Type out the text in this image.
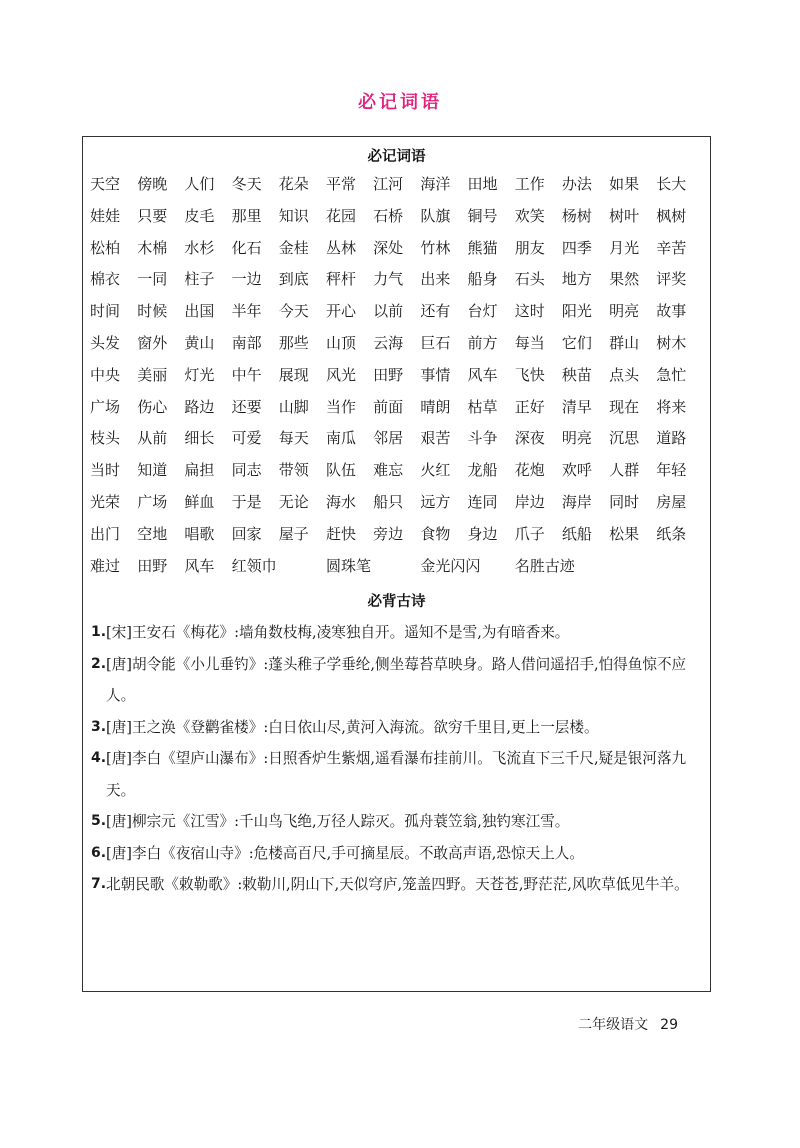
必记词语
必记词语
天空	傍晚	人们	冬天	花朵	平常	江河	海洋	田地	工作	办法	如果	长大
娃娃	只要	皮毛	那里	知识	花园	石桥	队旗	铜号	欢笑	杨树	树叶	枫树
松柏	木棉	水杉	化石	金桂	丛林	深处	竹林	熊猫	朋友	四季	月光	辛苦
棉衣	一同	柱子	一边	到底	秤杆	力气	出来	船身	石头	地方	果然	评奖
时间	时候	出国	半年	今天	开心	以前	还有	台灯	这时	阳光	明亮	故事
头发	窗外	黄山	南部	那些	山顶	云海	巨石	前方	每当	它们	群山	树木
中央	美丽	灯光	中午	展现	风光	田野	事情	风车	飞快	秧苗	点头	急忙
广场	伤心	路边	还要	山脚	当作	前面	晴朗	枯草	正好	清早	现在	将来
枝头	从前	细长	可爱	每天	南瓜	邻居	艰苦	斗争	深夜	明亮	沉思	道路
当时	知道	扁担	同志	带领	队伍	难忘	火红	龙船	花炮	欢呼	人群	年轻
光荣	广场	鲜血	于是	无论	海水	船只	远方	连同	岸边	海岸	同时	房屋
出门	空地	唱歌	回家	屋子	赶快	旁边	食物	身边	爪子	纸船	松果	纸条
难过	田野	风车	红领巾	圆珠笔	金光闪闪 名胜古迹
必背古诗
1. [宋]王安石《梅花》:墙角数枝梅,凌寒独自开。遥知不是雪,为有暗香来。
2. [唐]胡令能《小儿垂钓》:蓬头稚子学垂纶,侧坐莓苔草映身。路人借问遥招手,怕得鱼惊不应人。
3. [唐]王之涣《登鹳雀楼》:白日依山尽,黄河入海流。欲穷千里目,更上一层楼。
4. [唐]李白《望庐山瀑布》:日照香炉生紫烟,遥看瀑布挂前川。飞流直下三千尺,疑是银河落九天。
5. [唐]柳宗元《江雪》:千山鸟飞绝,万径人踪灭。孤舟蓑笠翁,独钓寒江雪。
6. [唐]李白《夜宿山寺》:危楼高百尺,手可摘星辰。不敢高声语,恐惊天上人。
7. 北朝民歌《敕勒歌》:敕勒川,阴山下,天似穹庐,笼盖四野。天苍苍,野茫茫,风吹草低见牛羊。
二年级语文 29
